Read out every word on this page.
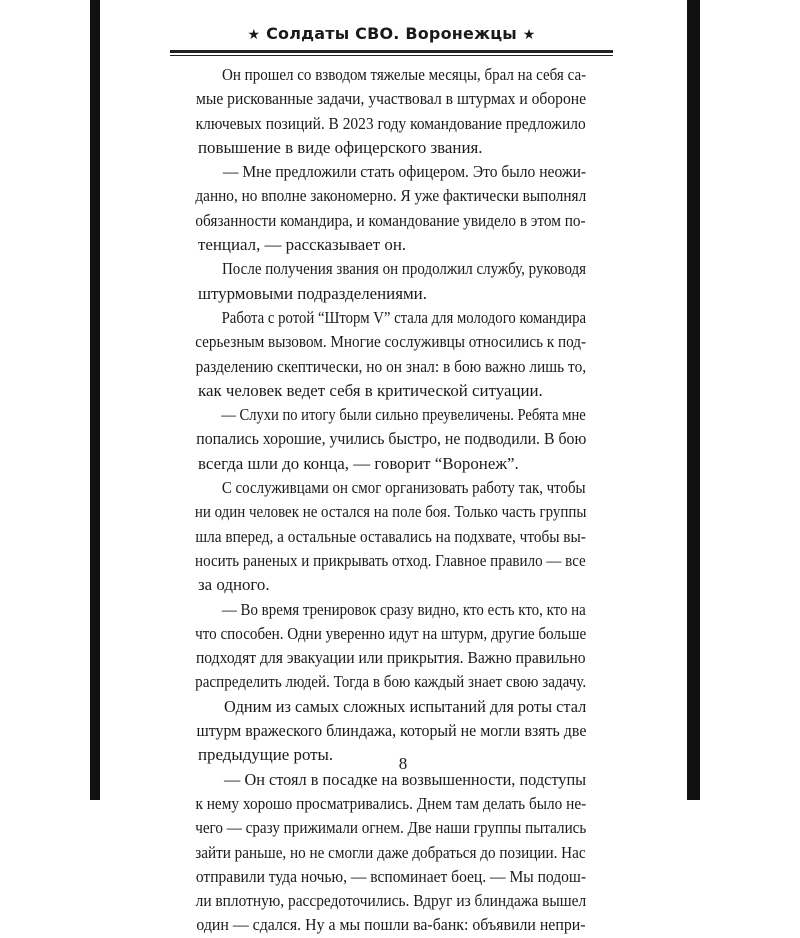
★ Солдаты СВО. Воронежцы ★
Он прошел со взводом тяжелые месяцы, брал на себя са-
мые рискованные задачи, участвовал в штурмах и обороне
ключевых позиций. В 2023 году командование предложило
повышение в виде офицерского звания.
— Мне предложили стать офицером. Это было неожи-
данно, но вполне закономерно. Я уже фактически выполнял
обязанности командира, и командование увидело в этом по-
тенциал, — рассказывает он.
После получения звания он продолжил службу, руководя
штурмовыми подразделениями.
Работа с ротой “Шторм V” стала для молодого командира
серьезным вызовом. Многие сослуживцы относились к под-
разделению скептически, но он знал: в бою важно лишь то,
как человек ведет себя в критической ситуации.
— Слухи по итогу были сильно преувеличены. Ребята мне
попались хорошие, учились быстро, не подводили. В бою
всегда шли до конца, — говорит “Воронеж”.
С сослуживцами он смог организовать работу так, чтобы
ни один человек не остался на поле боя. Только часть группы
шла вперед, а остальные оставались на подхвате, чтобы вы-
носить раненых и прикрывать отход. Главное правило — все
за одного.
— Во время тренировок сразу видно, кто есть кто, кто на
что способен. Одни уверенно идут на штурм, другие больше
подходят для эвакуации или прикрытия. Важно правильно
распределить людей. Тогда в бою каждый знает свою задачу.
Одним из самых сложных испытаний для роты стал
штурм вражеского блиндажа, который не могли взять две
предыдущие роты.
— Он стоял в посадке на возвышенности, подступы
к нему хорошо просматривались. Днем там делать было не-
чего — сразу прижимали огнем. Две наши группы пытались
зайти раньше, но не смогли даже добраться до позиции. Нас
отправили туда ночью, — вспоминает боец. — Мы подош-
ли вплотную, рассредоточились. Вдруг из блиндажа вышел
один — сдался. Ну а мы пошли ва-банк: объявили непри-
8
